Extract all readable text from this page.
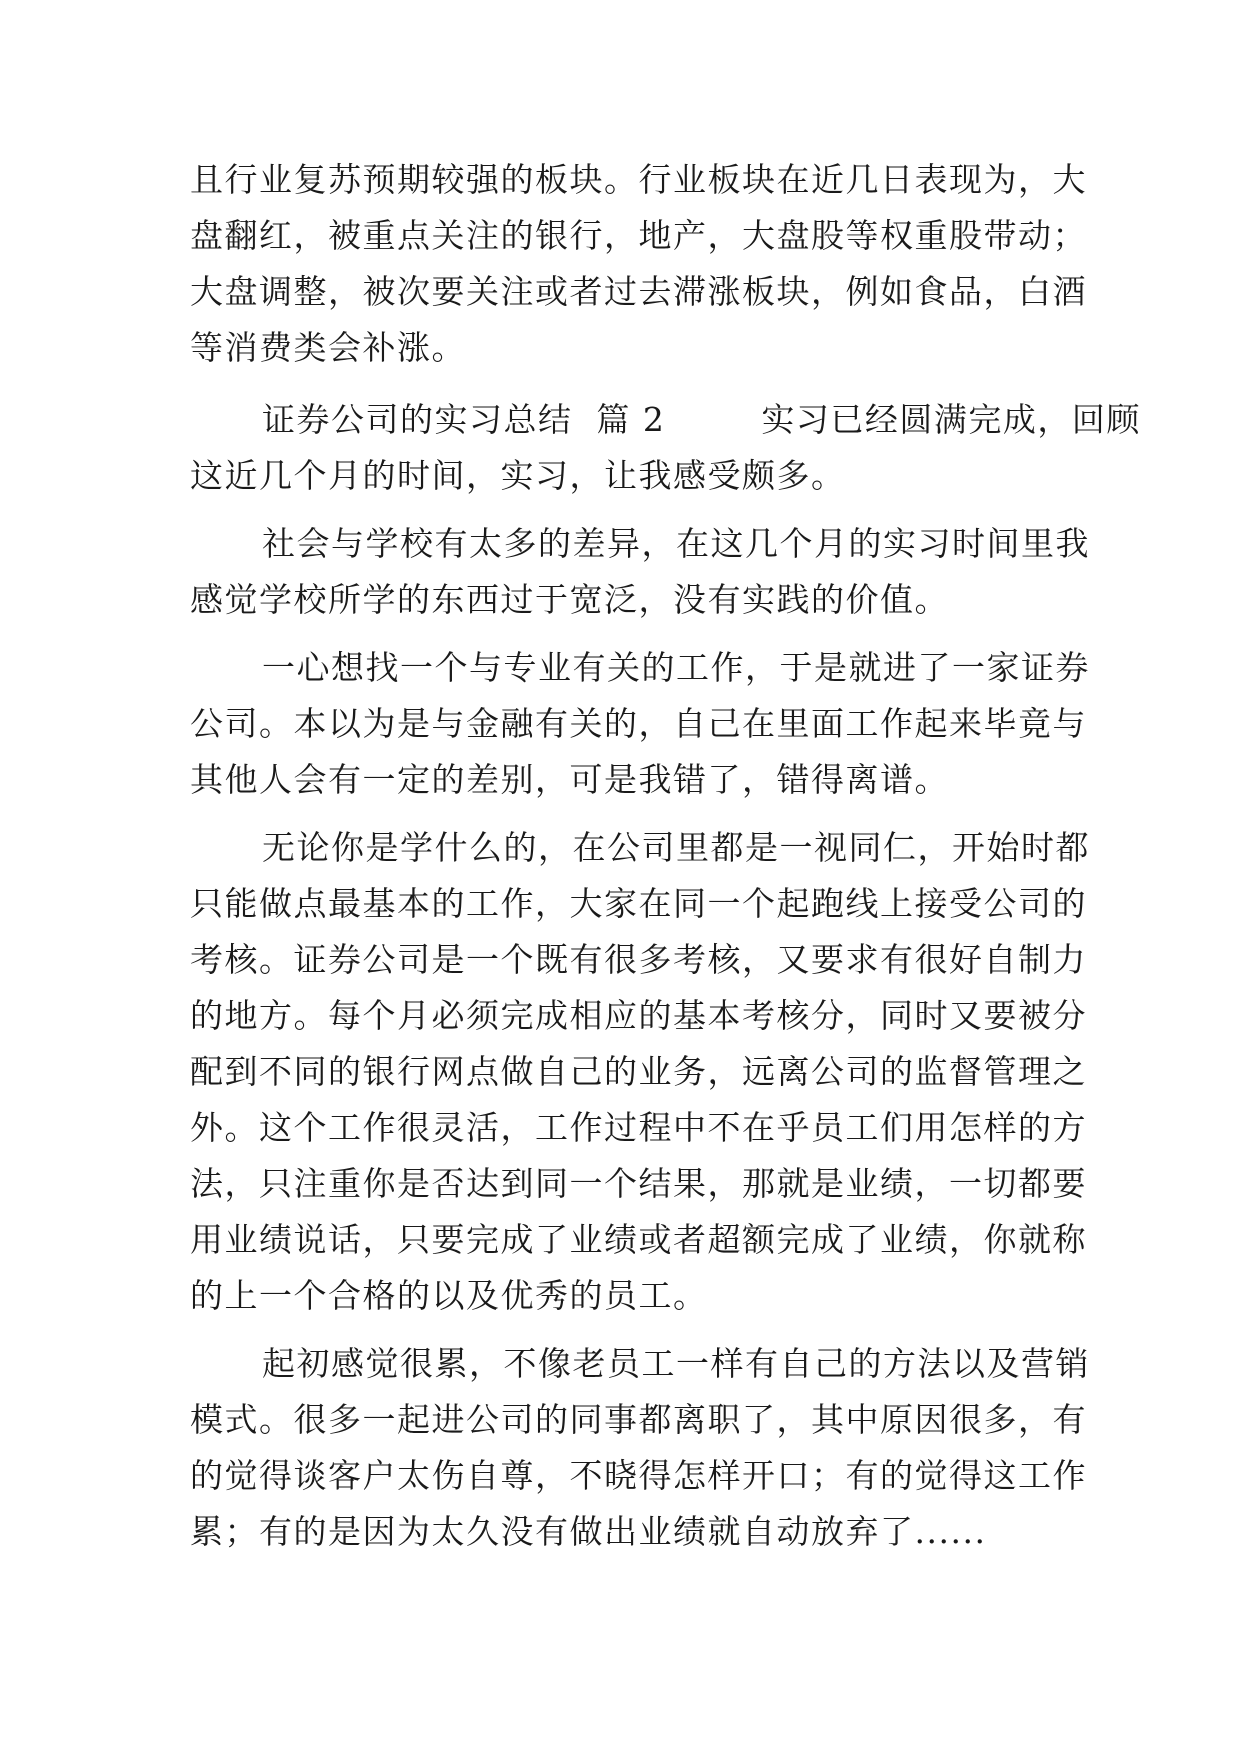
且行业复苏预期较强的板块。行业板块在近几日表现为，大
盘翻红，被重点关注的银行，地产，大盘股等权重股带动；
大盘调整，被次要关注或者过去滞涨板块，例如食品，白酒
等消费类会补涨。
证券公司的实习总结  篇 2        实习已经圆满完成，回顾
这近几个月的时间，实习，让我感受颇多。
社会与学校有太多的差异，在这几个月的实习时间里我
感觉学校所学的东西过于宽泛，没有实践的价值。
一心想找一个与专业有关的工作，于是就进了一家证券
公司。本以为是与金融有关的，自己在里面工作起来毕竟与
其他人会有一定的差别，可是我错了，错得离谱。
无论你是学什么的，在公司里都是一视同仁，开始时都
只能做点最基本的工作，大家在同一个起跑线上接受公司的
考核。证券公司是一个既有很多考核，又要求有很好自制力
的地方。每个月必须完成相应的基本考核分，同时又要被分
配到不同的银行网点做自己的业务，远离公司的监督管理之
外。这个工作很灵活，工作过程中不在乎员工们用怎样的方
法，只注重你是否达到同一个结果，那就是业绩，一切都要
用业绩说话，只要完成了业绩或者超额完成了业绩，你就称
的上一个合格的以及优秀的员工。
起初感觉很累，不像老员工一样有自己的方法以及营销
模式。很多一起进公司的同事都离职了，其中原因很多，有
的觉得谈客户太伤自尊，不晓得怎样开口；有的觉得这工作
累；有的是因为太久没有做出业绩就自动放弃了......
